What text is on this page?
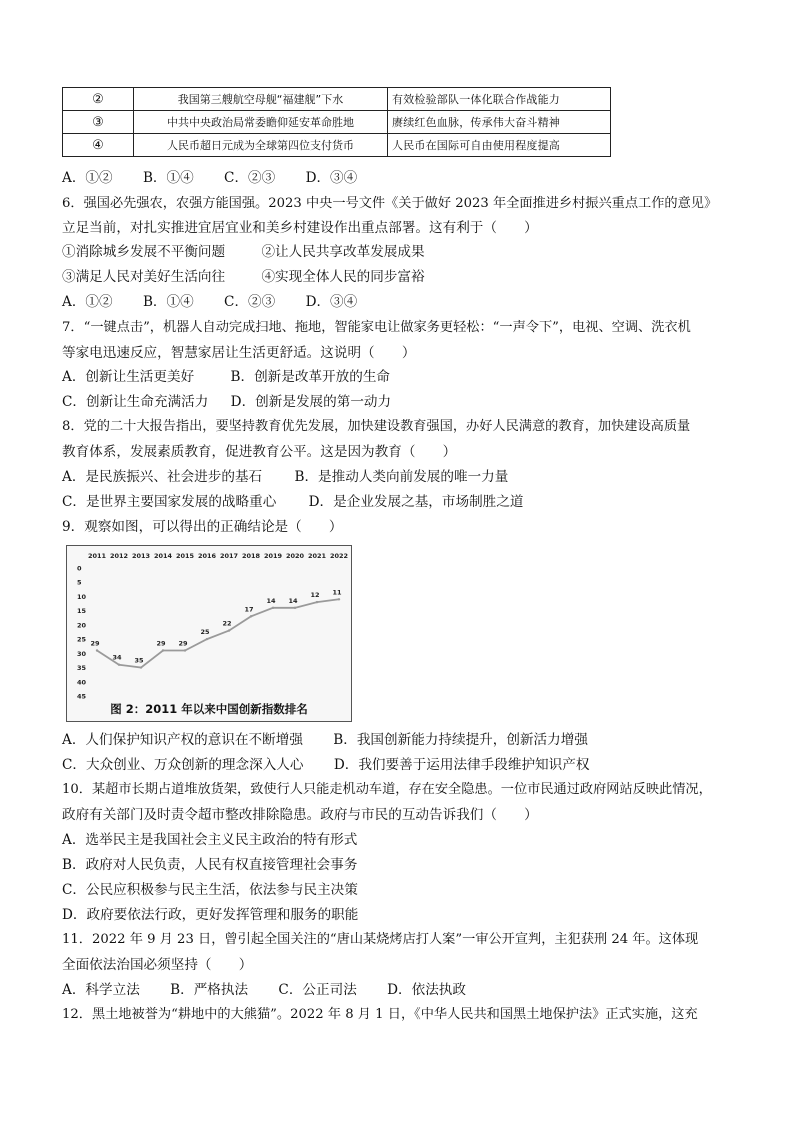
②	我国第三艘航空母舰“福建舰”下水	有效检验部队一体化联合作战能力
③	中共中央政治局常委瞻仰延安革命胜地	赓续红色血脉，传承伟大奋斗精神
④	人民币超日元成为全球第四位支付货币	人民币在国际可自由使用程度提高
A．①② B．①④ C．②③ D．③④
6．强国必先强农，农强方能国强。2023 中央一号文件《关于做好 2023 年全面推进乡村振兴重点工作的意见》
立足当前，对扎实推进宜居宜业和美乡村建设作出重点部署。这有利于（　　）
①消除城乡发展不平衡问题	②让人民共享改革发展成果
③满足人民对美好生活向往	④实现全体人民的同步富裕
A．①② B．①④ C．②③ D．③④
7．“一键点击”，机器人自动完成扫地、拖地，智能家电让做家务更轻松：“一声令下”，电视、空调、洗衣机
等家电迅速反应，智慧家居让生活更舒适。这说明（　　）
A．创新让生活更美好	B．创新是改革开放的生命
C．创新让生命充满活力 D．创新是发展的第一动力
8．党的二十大报告指出，要坚持教育优先发展，加快建设教育强国，办好人民满意的教育，加快建设高质量
教育体系，发展素质教育，促进教育公平。这是因为教育（　　）
A．是民族振兴、社会进步的基石 B．是推动人类向前发展的唯一力量
C．是世界主要国家发展的战略重心 D．是企业发展之基，市场制胜之道
9．观察如图，可以得出的正确结论是（　　）
2011 2012 2013 2014 2015 2016 2017 2018 2019 2020 2021 2022
0
5
10
15
20
25
30
35
40
45
29
34 35
29 29
25
22
17
14 14
12 11
图 2：2011 年以来中国创新指数排名
A．人们保护知识产权的意识在不断增强 B．我国创新能力持续提升，创新活力增强
C．大众创业、万众创新的理念深入人心 D．我们要善于运用法律手段维护知识产权
10．某超市长期占道堆放货架，致使行人只能走机动车道，存在安全隐患。一位市民通过政府网站反映此情况，
政府有关部门及时责令超市整改排除隐患。政府与市民的互动告诉我们（　　）
A．选举民主是我国社会主义民主政治的特有形式
B．政府对人民负责，人民有权直接管理社会事务
C．公民应积极参与民主生活，依法参与民主决策
D．政府要依法行政，更好发挥管理和服务的职能
11．2022 年 9 月 23 日，曾引起全国关注的“唐山某烧烤店打人案”一审公开宣判，主犯获刑 24 年。这体现
全面依法治国必须坚持（　　）
A．科学立法 B．严格执法 C．公正司法 D．依法执政
12．黑土地被誉为“耕地中的大熊猫”。2022 年 8 月 1 日，《中华人民共和国黑土地保护法》正式实施，这充
